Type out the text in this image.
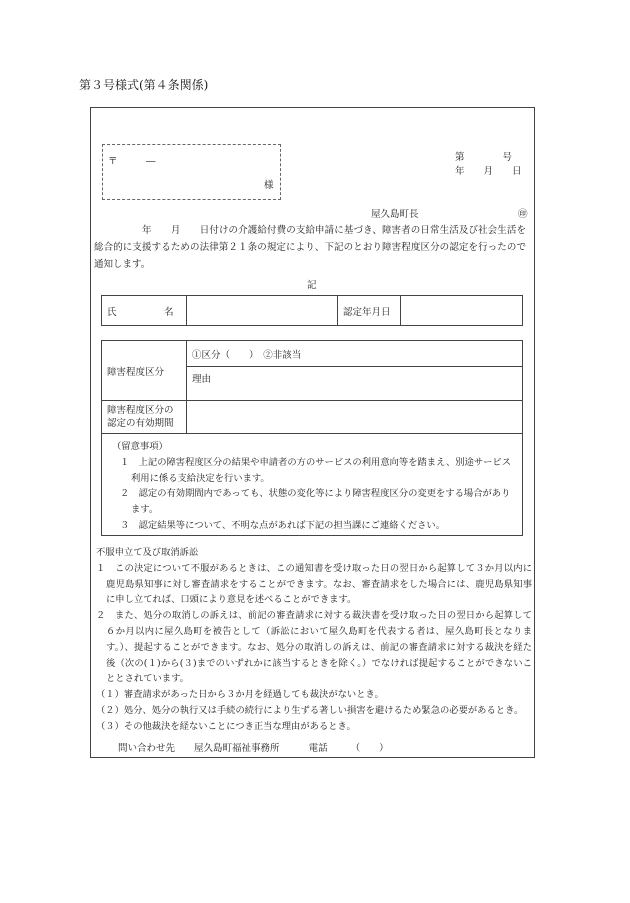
第３号様式(第４条関係)
〒　　　―
様
第　　　　号
年　　月　　日
屋久島町長	㊞
　　　　　年　　月　　日付けの介護給付費の支給申請に基づき、障害者の日常生活及び社会生活を総合的に支援するための法律第２１条の規定により、下記のとおり障害程度区分の認定を行ったので通知します。
記
氏　　　　　名		認定年月日	
障害程度区分	①区分（　　）　②非該当
	理由

障害程度区分の
認定の有効期間	

（留意事項）
１　上記の障害程度区分の結果や申請者の方のサービスの利用意向等を踏まえ、別途サービス利用に係る支給決定を行います。
２　認定の有効期間内であっても、状態の変化等により障害程度区分の変更をする場合があります。
３　認定結果等について、不明な点があれば下記の担当課にご連絡ください。
不服申立て及び取消訴訟
１　この決定について不服があるときは、この通知書を受け取った日の翌日から起算して３か月以内に鹿児島県知事に対し審査請求をすることができます。なお、審査請求をした場合には、鹿児島県知事に申し立てれば、口頭により意見を述べることができます。
２　また、処分の取消しの訴えは、前記の審査請求に対する裁決書を受け取った日の翌日から起算して６か月以内に屋久島町を被告として（訴訟において屋久島町を代表する者は、屋久島町長となります。）、提起することができます。なお、処分の取消しの訴えは、前記の審査請求に対する裁決を経た後（次の(１)から(３)までのいずれかに該当するときを除く。）でなければ提起することができないこととされています。
（１）審査請求があった日から３か月を経過しても裁決がないとき。
（２）処分、処分の執行又は手続の続行により生ずる著しい損害を避けるため緊急の必要があるとき。
（３）その他裁決を経ないことにつき正当な理由があるとき。
問い合わせ先 屋久島町福祉事務所	電話 （　　）
